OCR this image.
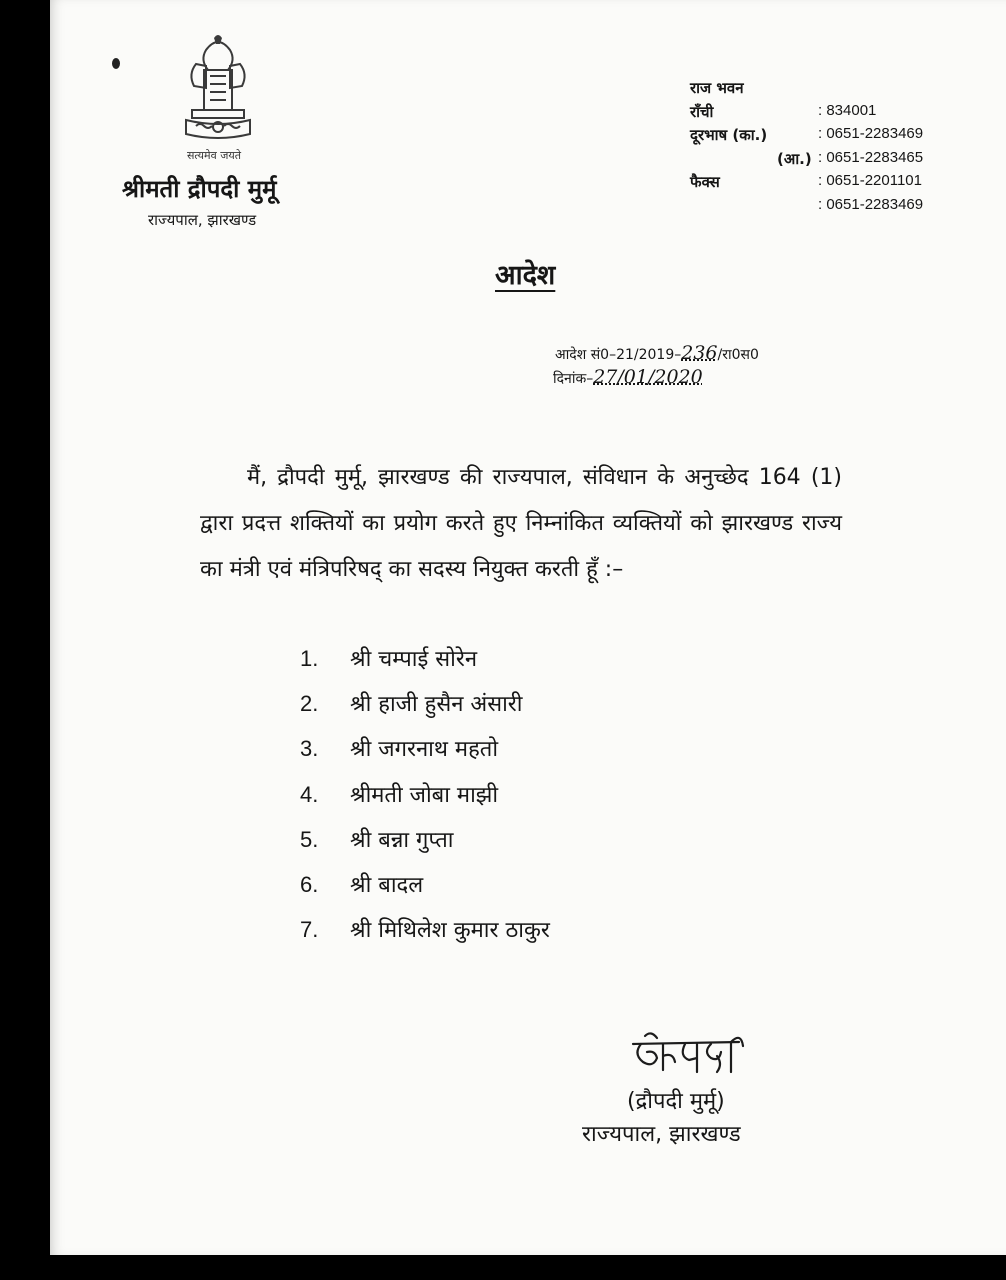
सत्यमेव जयते
श्रीमती द्रौपदी मुर्मू
राज्यपाल, झारखण्ड
राज भवन
राँची	: 834001
दूरभाष (का.)	: 0651-2283469
(आ.) : 0651-2283465
फैक्स	: 0651-2201101
: 0651-2283469
आदेश
आदेश सं0–21/2019–236/रा0स0
दिनांक–27/01/2020

मैं, द्रौपदी मुर्मू, झारखण्ड की राज्यपाल, संविधान के अनुच्छेद 164 (1) द्वारा प्रदत्त शक्तियों का प्रयोग करते हुए निम्नांकित व्यक्तियों को झारखण्ड राज्य का मंत्री एवं मंत्रिपरिषद् का सदस्य नियुक्त करती हूँ :–

1. श्री चम्पाई सोरेन
2. श्री हाजी हुसैन अंसारी
3. श्री जगरनाथ महतो
4. श्रीमती जोबा माझी
5. श्री बन्ना गुप्ता
6. श्री बादल
7. श्री मिथिलेश कुमार ठाकुर
(द्रौपदी मुर्मू)
राज्यपाल, झारखण्ड
